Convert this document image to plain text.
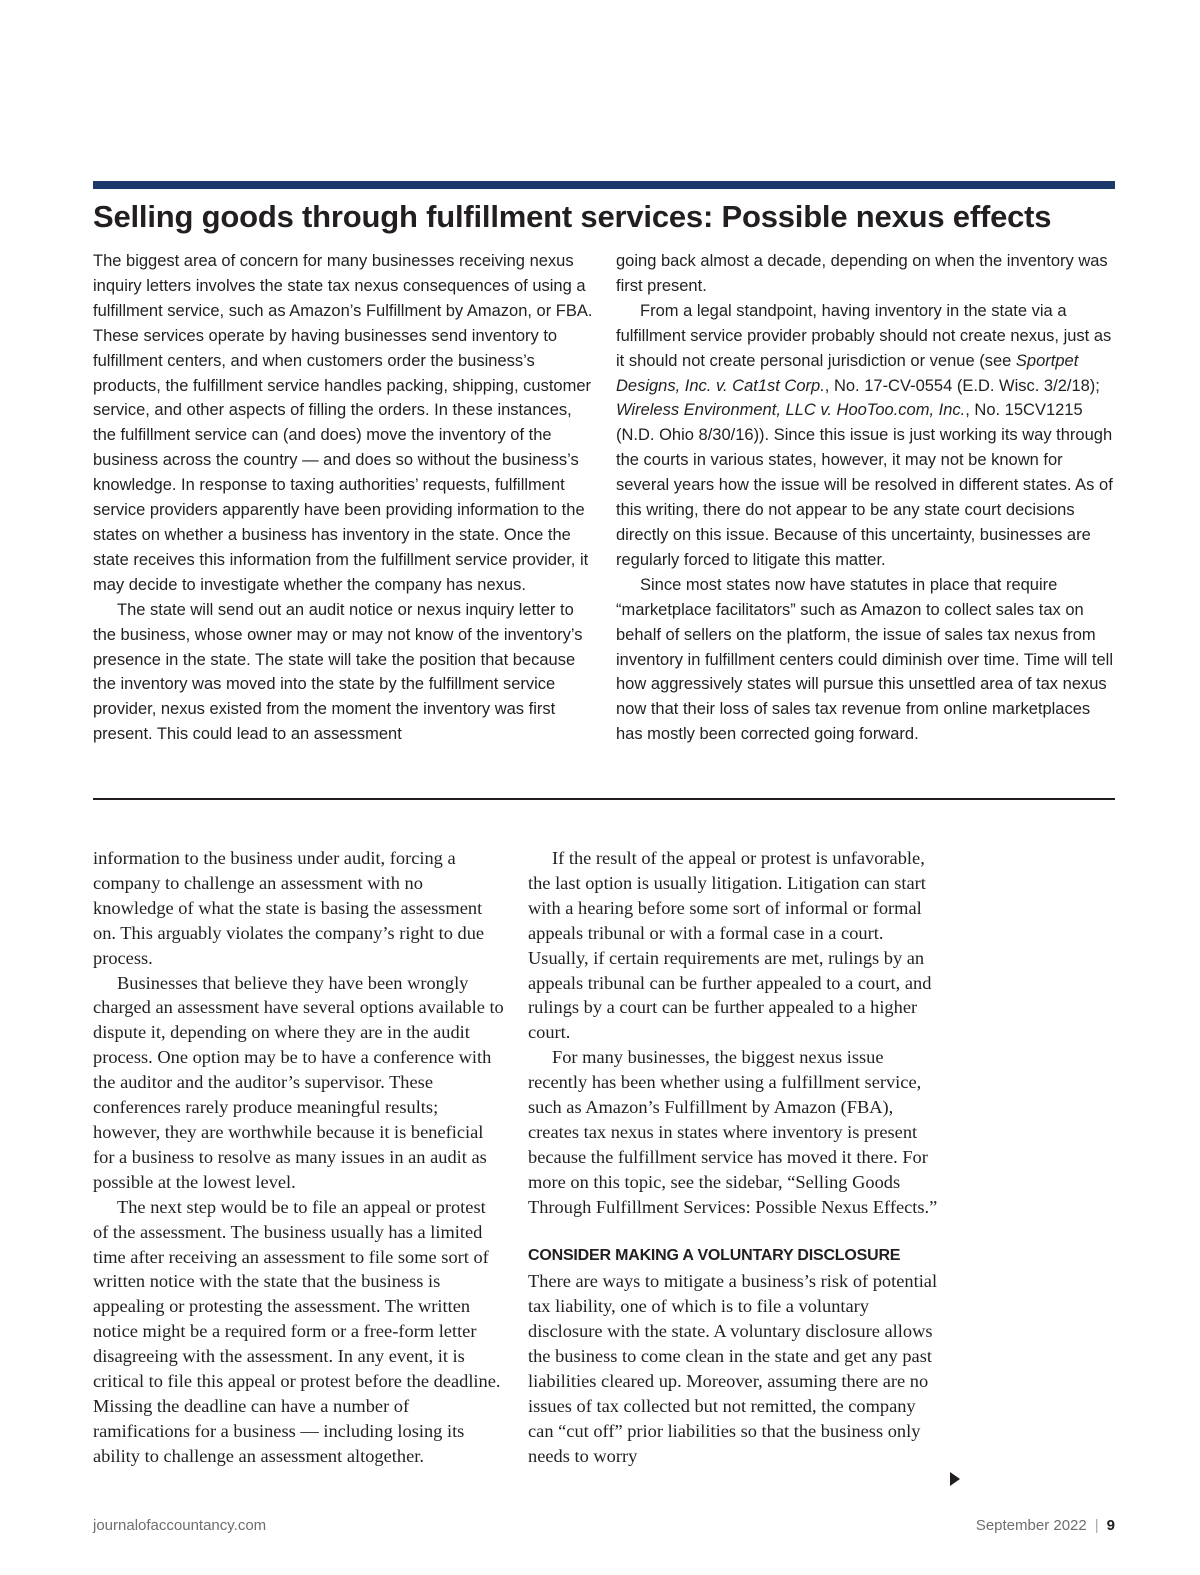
Selling goods through fulfillment services: Possible nexus effects

The biggest area of concern for many businesses receiving nexus inquiry letters involves the state tax nexus consequences of using a fulfillment service, such as Amazon’s Fulfillment by Amazon, or FBA. These services operate by having businesses send inventory to fulfillment centers, and when customers order the business’s products, the fulfillment service handles packing, shipping, customer service, and other aspects of filling the orders. In these instances, the fulfillment service can (and does) move the inventory of the business across the country — and does so without the business’s knowledge. In response to taxing authorities’ requests, fulfillment service providers apparently have been providing information to the states on whether a business has inventory in the state. Once the state receives this information from the fulfillment service provider, it may decide to investigate whether the company has nexus.

The state will send out an audit notice or nexus inquiry letter to the business, whose owner may or may not know of the inventory’s presence in the state. The state will take the position that because the inventory was moved into the state by the fulfillment service provider, nexus existed from the moment the inventory was first present. This could lead to an assessment

going back almost a decade, depending on when the inventory was first present.

From a legal standpoint, having inventory in the state via a fulfillment service provider probably should not create nexus, just as it should not create personal jurisdiction or venue (see Sportpet Designs, Inc. v. Cat1st Corp., No. 17-CV-0554 (E.D. Wisc. 3/2/18); Wireless Environment, LLC v. HooToo.com, Inc., No. 15CV1215 (N.D. Ohio 8/30/16)). Since this issue is just working its way through the courts in various states, however, it may not be known for several years how the issue will be resolved in different states. As of this writing, there do not appear to be any state court decisions directly on this issue. Because of this uncertainty, businesses are regularly forced to litigate this matter.

Since most states now have statutes in place that require “marketplace facilitators” such as Amazon to collect sales tax on behalf of sellers on the platform, the issue of sales tax nexus from inventory in fulfillment centers could diminish over time. Time will tell how aggressively states will pursue this unsettled area of tax nexus now that their loss of sales tax revenue from online marketplaces has mostly been corrected going forward.

information to the business under audit, forcing a company to challenge an assessment with no knowledge of what the state is basing the assessment on. This arguably violates the company’s right to due process.

Businesses that believe they have been wrongly charged an assessment have several options available to dispute it, depending on where they are in the audit process. One option may be to have a conference with the auditor and the auditor’s supervisor. These conferences rarely produce meaningful results; however, they are worthwhile because it is beneficial for a business to resolve as many issues in an audit as possible at the lowest level.

The next step would be to file an appeal or protest of the assessment. The business usually has a limited time after receiving an assessment to file some sort of written notice with the state that the business is appealing or protesting the assessment. The written notice might be a required form or a free-form letter disagreeing with the assessment. In any event, it is critical to file this appeal or protest before the deadline. Missing the deadline can have a number of ramifications for a business — including losing its ability to challenge an assessment altogether.

If the result of the appeal or protest is unfavorable, the last option is usually litigation. Litigation can start with a hearing before some sort of informal or formal appeals tribunal or with a formal case in a court. Usually, if certain requirements are met, rulings by an appeals tribunal can be further appealed to a court, and rulings by a court can be further appealed to a higher court.

For many businesses, the biggest nexus issue recently has been whether using a fulfillment service, such as Amazon’s Fulfillment by Amazon (FBA), creates tax nexus in states where inventory is present because the fulfillment service has moved it there. For more on this topic, see the sidebar, “Selling Goods Through Fulfillment Services: Possible Nexus Effects.”

CONSIDER MAKING A VOLUNTARY DISCLOSURE

There are ways to mitigate a business’s risk of potential tax liability, one of which is to file a voluntary disclosure with the state. A voluntary disclosure allows the business to come clean in the state and get any past liabilities cleared up. Moreover, assuming there are no issues of tax collected but not remitted, the company can “cut off” prior liabilities so that the business only needs to worry

journalofaccountancy.com	September 2022 | 9
